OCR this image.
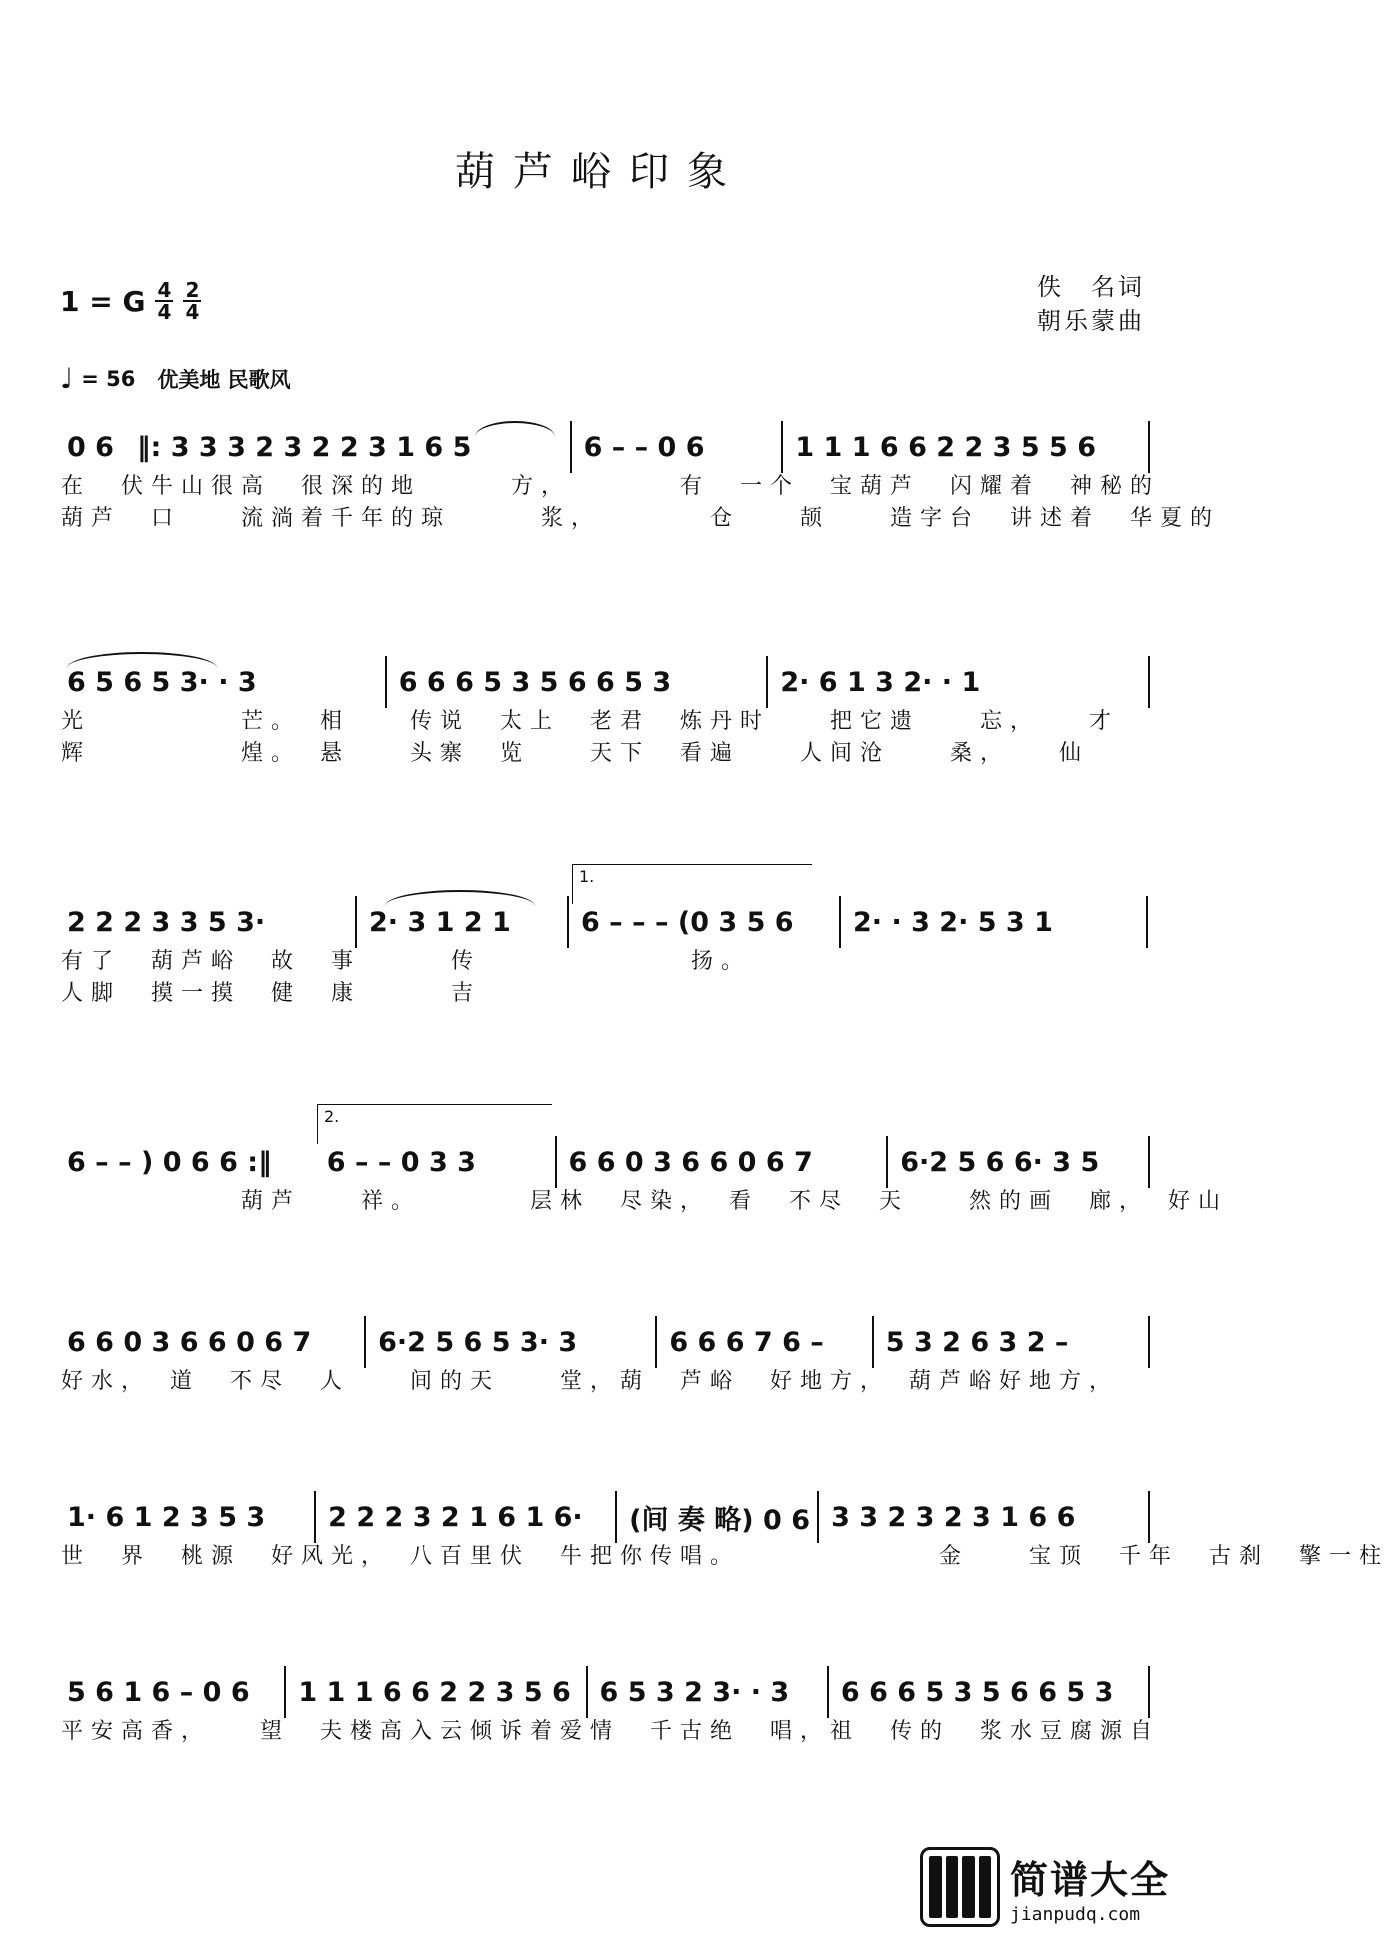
葫芦峪印象
1 = G $\frac{4}{4} \frac{2}{4}$	佚　名词
朝乐蒙曲
♩ = 56 优美地 民歌风
0 6 ‖: 3 3 3 2 3 2 2 3 1 6 5	6 – – 0 6	1 1 1 6 6 2 2 3 5 5 6
在　伏牛山很高　很深的地　　　方，　　　　有　一个　宝葫芦　闪耀着　神秘的
葫芦　口　　流淌着千年的琼　　　浆，　　　　仓　　颉　　造字台　讲述着　华夏的
6 5 6 5 3· · 3	6 6 6 5 3 5 6 6 5 3	2· 6 1 3 2· · 1
光　　　　　芒。　相　　传说　太上　老君　炼丹时　　把它遗　　忘，　　才
辉　　　　　煌。　悬　　头寨　览　　天下　看遍　　人间沧　　桑，　　仙
1.
2 2 2 3 3 5 3·	2· 3 1 2 1	6 – – – (0 3 5 6	2· · 3 2· 5 3 1
有了　葫芦峪　故　事　　　传　　　　　　　扬。
人脚　摸一摸　健　康　　　吉
2.
6 – – ) 0 6 6 :‖	6 – – 0 3 3	6 6 0 3 6 6 0 6 7	6·2 5 6 6· 3 5
　　　　　　葫芦　　祥。　　　　层林　尽染，　看　不尽　天　　然的画　廊，　好山
6 6 0 3 6 6 0 6 7	6·2 5 6 5 3· 3	6 6 6 7 6 –	5 3 2 6 3 2 –
好水，　道　不尽　人　　间的天　　堂，葫　芦峪　好地方，　葫芦峪好地方，
1· 6 1 2 3 5 3	2 2 2 3 2 1 6 1 6·	(间 奏 略) 0 6 3 3 2 3 2 3 1 6 6
世　界　桃源　好风光，　八百里伏　牛把你传唱。　　　　　　　金　　宝顶　千年　古刹　擎一柱
5 6 1 6 – 0 6	1 1 1 6 6 2 2 3 5 6	6 5 3 2 3· · 3	6 6 6 5 3 5 6 6 5 3
平安高香，　　望　夫楼高入云倾诉着爱情　千古绝　唱，祖　传的　浆水豆腐源自
简谱大全
jianpudq.com
